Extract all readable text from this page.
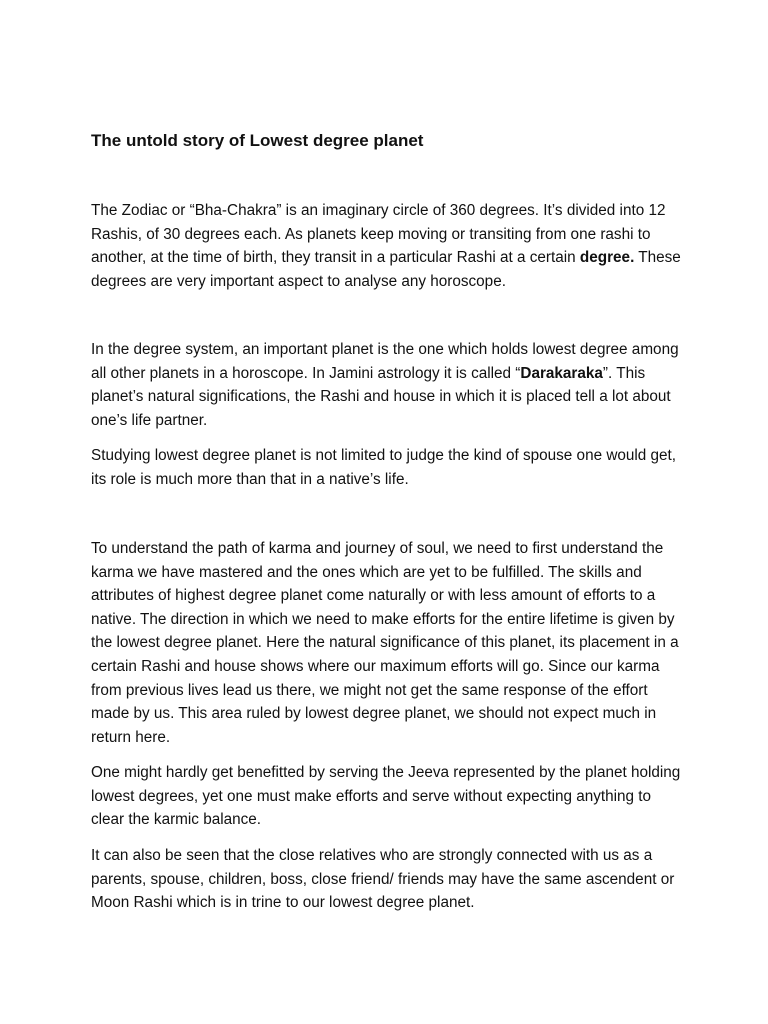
The untold story of Lowest degree planet

The Zodiac or “Bha-Chakra” is an imaginary circle of 360 degrees. It’s divided into 12 Rashis, of 30 degrees each. As planets keep moving or transiting from one rashi to another, at the time of birth, they transit in a particular Rashi at a certain degree. These degrees are very important aspect to analyse any horoscope.

In the degree system, an important planet is the one which holds lowest degree among all other planets in a horoscope. In Jamini astrology it is called “Darakaraka”. This planet’s natural significations, the Rashi and house in which it is placed tell a lot about one’s life partner.

Studying lowest degree planet is not limited to judge the kind of spouse one would get, its role is much more than that in a native’s life.

To understand the path of karma and journey of soul, we need to first understand the karma we have mastered and the ones which are yet to be fulfilled. The skills and attributes of highest degree planet come naturally or with less amount of efforts to a native. The direction in which we need to make efforts for the entire lifetime is given by the lowest degree planet. Here the natural significance of this planet, its placement in a certain Rashi and house shows where our maximum efforts will go. Since our karma from previous lives lead us there, we might not get the same response of the effort made by us. This area ruled by lowest degree planet, we should not expect much in return here.

One might hardly get benefitted by serving the Jeeva represented by the planet holding lowest degrees, yet one must make efforts and serve without expecting anything to clear the karmic balance.

It can also be seen that the close relatives who are strongly connected with us as a parents, spouse, children, boss, close friend/ friends may have the same ascendent or Moon Rashi which is in trine to our lowest degree planet.
